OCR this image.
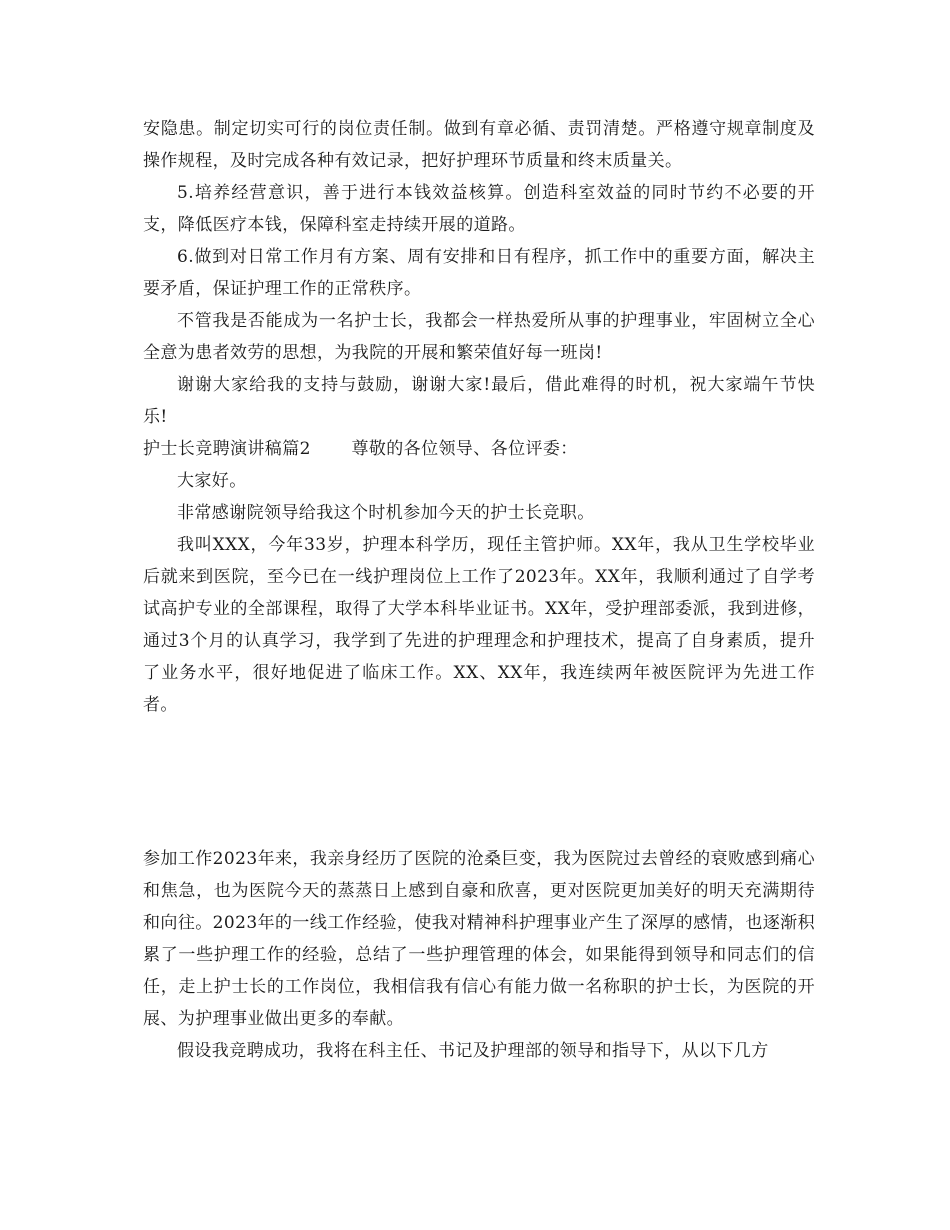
安隐患。制定切实可行的岗位责任制。做到有章必循、责罚清楚。严格遵守规章制度及操作规程，及时完成各种有效记录，把好护理环节质量和终末质量关。

5.培养经营意识，善于进行本钱效益核算。创造科室效益的同时节约不必要的开支，降低医疗本钱，保障科室走持续开展的道路。

6.做到对日常工作月有方案、周有安排和日有程序，抓工作中的重要方面，解决主要矛盾，保证护理工作的正常秩序。

不管我是否能成为一名护士长，我都会一样热爱所从事的护理事业，牢固树立全心全意为患者效劳的思想，为我院的开展和繁荣值好每一班岗!

谢谢大家给我的支持与鼓励，谢谢大家!最后，借此难得的时机，祝大家端午节快乐!

护士长竞聘演讲稿篇2 尊敬的各位领导、各位评委：

大家好。

非常感谢院领导给我这个时机参加今天的护士长竞职。

我叫XXX，今年33岁，护理本科学历，现任主管护师。XX年，我从卫生学校毕业后就来到医院，至今已在一线护理岗位上工作了2023年。XX年，我顺利通过了自学考试高护专业的全部课程，取得了大学本科毕业证书。XX年，受护理部委派，我到进修，通过3个月的认真学习，我学到了先进的护理理念和护理技术，提高了自身素质，提升了业务水平，很好地促进了临床工作。XX、XX年，我连续两年被医院评为先进工作者。

参加工作2023年来，我亲身经历了医院的沧桑巨变，我为医院过去曾经的衰败感到痛心和焦急，也为医院今天的蒸蒸日上感到自豪和欣喜，更对医院更加美好的明天充满期待和向往。2023年的一线工作经验，使我对精神科护理事业产生了深厚的感情，也逐渐积累了一些护理工作的经验，总结了一些护理管理的体会，如果能得到领导和同志们的信任，走上护士长的工作岗位，我相信我有信心有能力做一名称职的护士长，为医院的开展、为护理事业做出更多的奉献。

假设我竞聘成功，我将在科主任、书记及护理部的领导和指导下，从以下几方
